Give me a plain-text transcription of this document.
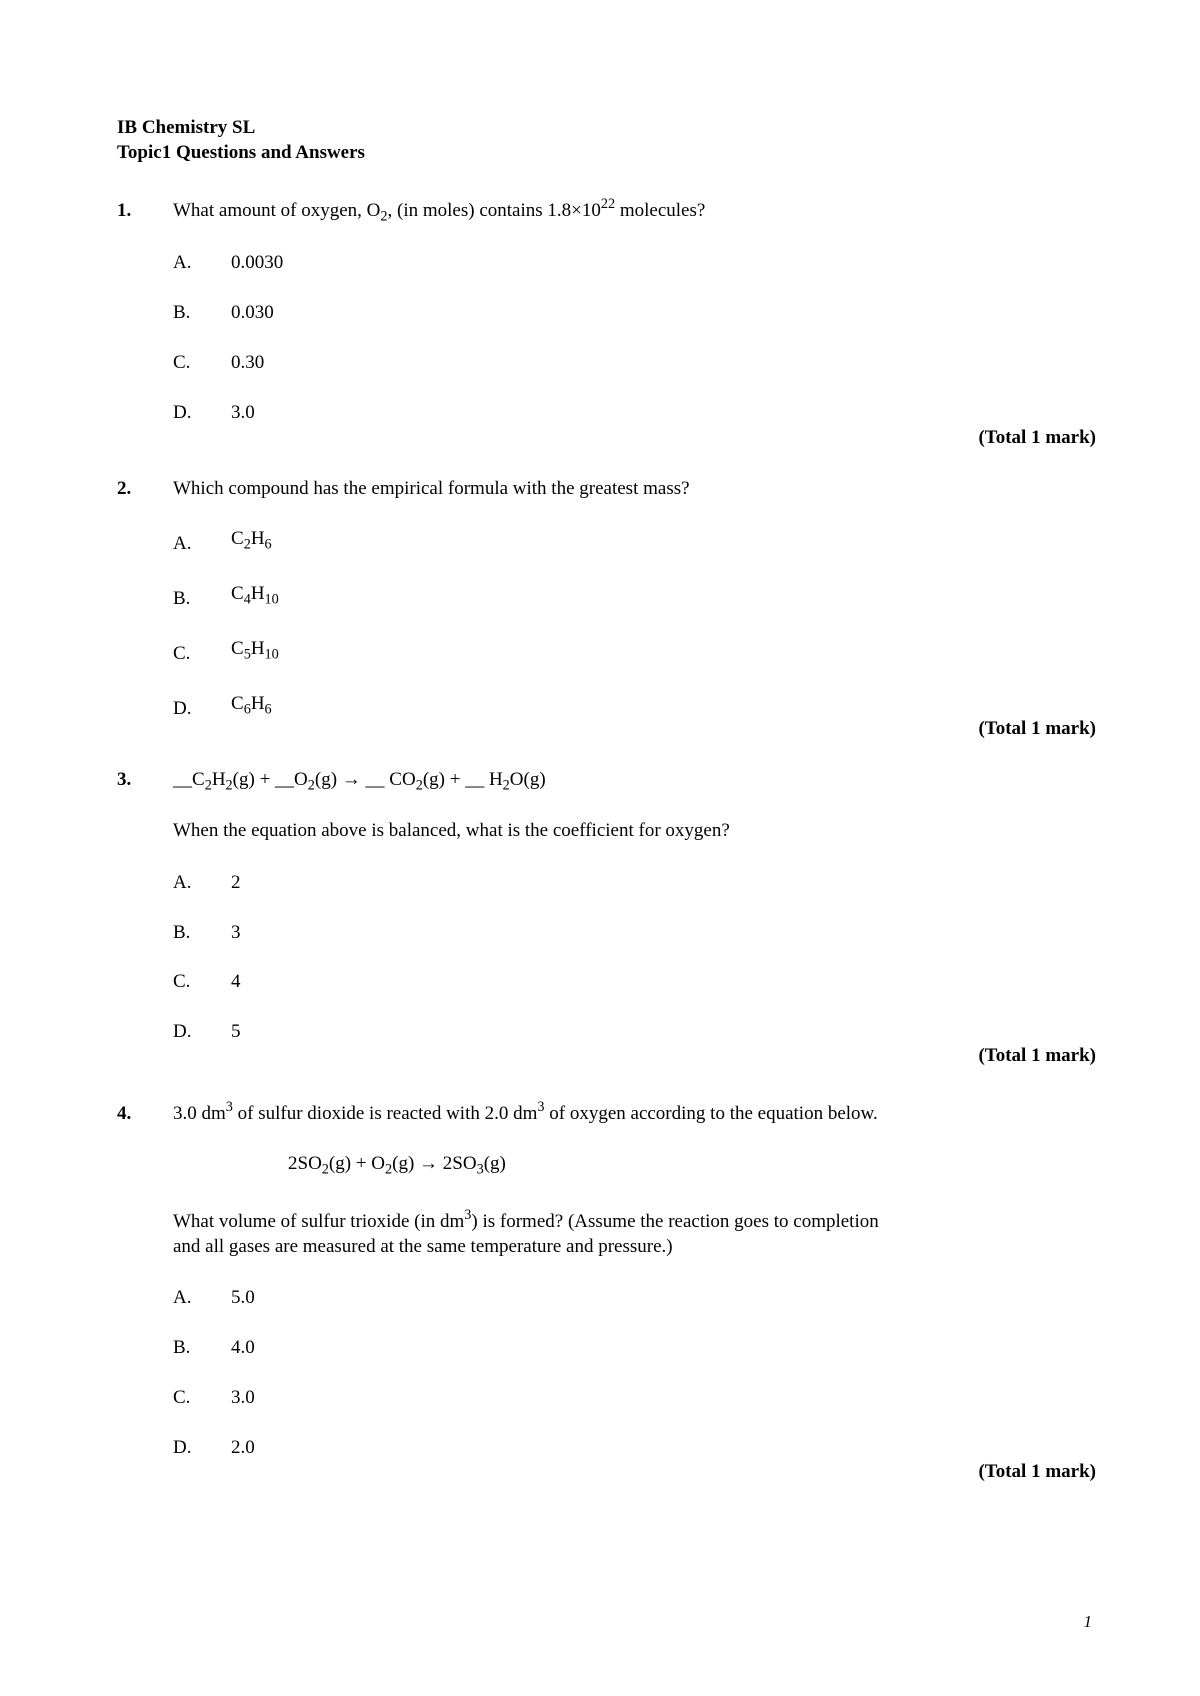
IB Chemistry SL
Topic1 Questions and Answers
1. What amount of oxygen, $O_2$, (in moles) contains $1.8\times 10^{22}$ molecules?
A. 0.0030
B. 0.030
C. 0.30
D. 3.0
(Total 1 mark)
2. Which compound has the empirical formula with the greatest mass?
A. $C_2H_6$
B. $C_4H_{10}$
C. $C_5H_{10}$
D. $C_6H_6$
(Total 1 mark)
3. $\_\_C_2H_2(g)$ + $\_\_O_2(g)$ → __ $CO_2(g)$ + __ $H_2O(g)$
When the equation above is balanced, what is the coefficient for oxygen?
A. 2
B. 3
C. 4
D. 5
(Total 1 mark)
4. 3.0 $dm^3$ of sulfur dioxide is reacted with 2.0 $dm^3$ of oxygen according to the equation below.
$2SO_2(g) + O_2(g) \to 2SO_3(g)$
What volume of sulfur trioxide (in $dm^3$) is formed? (Assume the reaction goes to completion
and all gases are measured at the same temperature and pressure.)
A. 5.0
B. 4.0
C. 3.0
D. 2.0
(Total 1 mark)
1
